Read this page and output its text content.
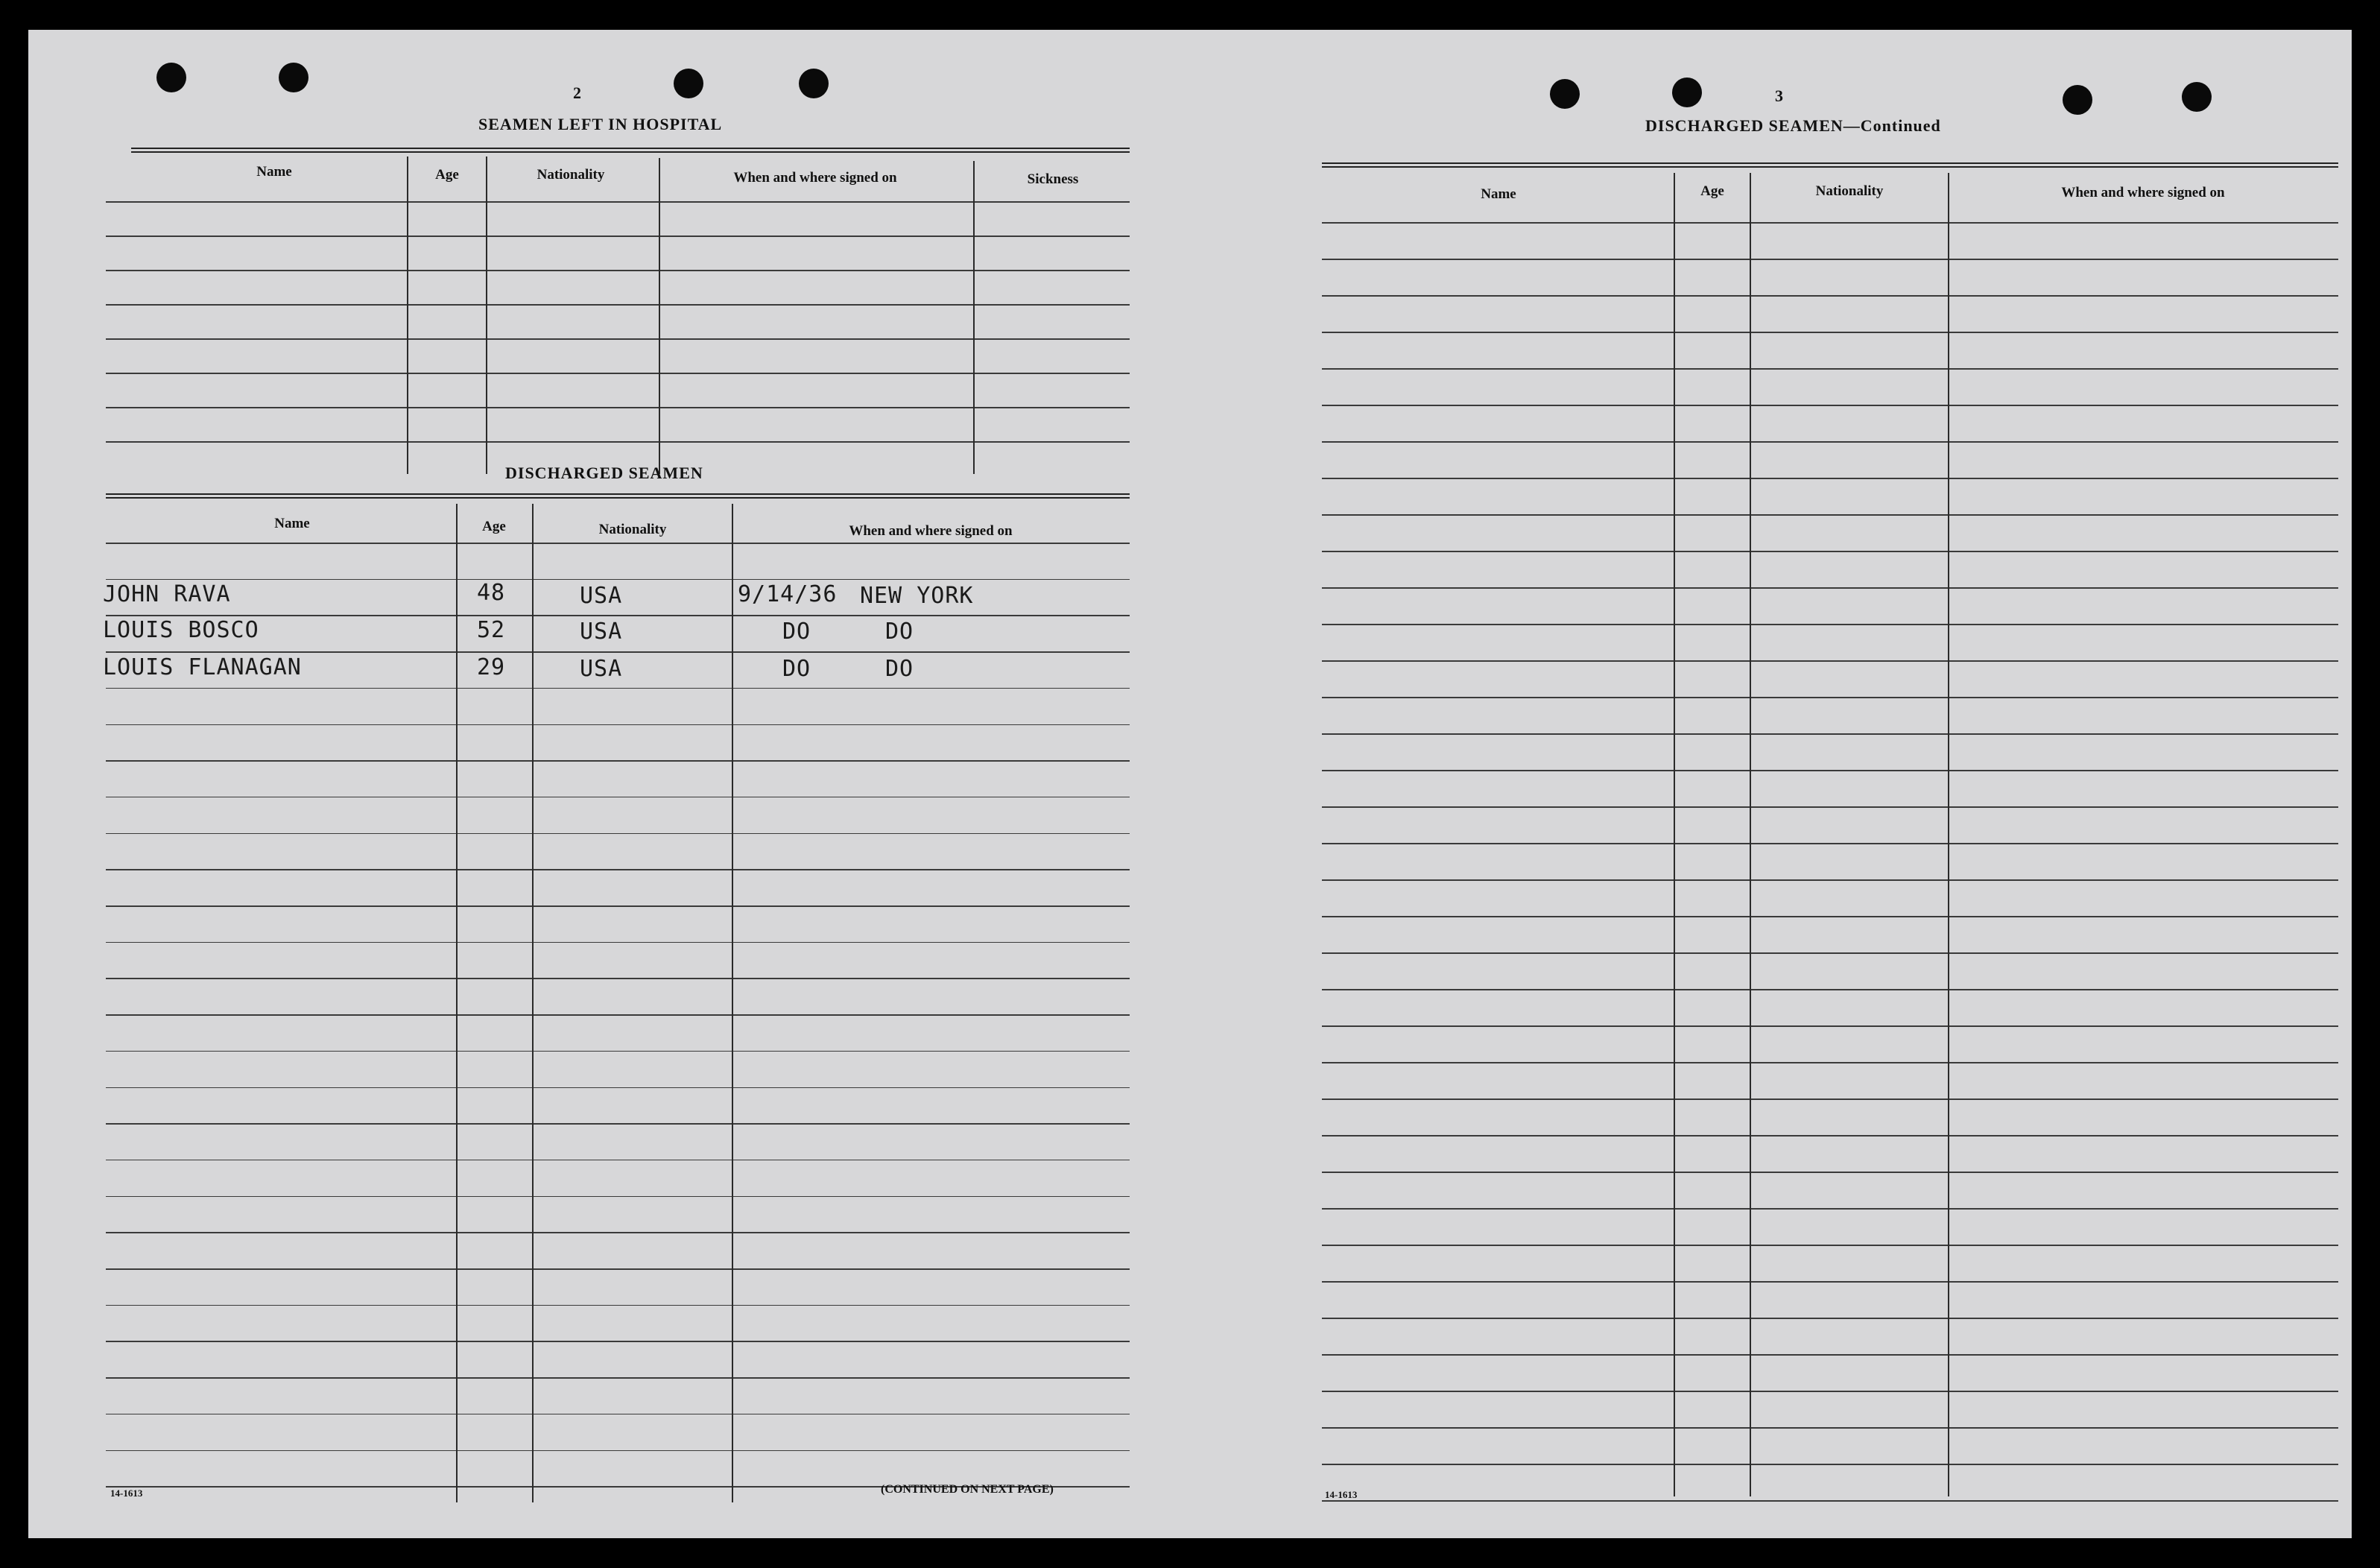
2
SEAMEN LEFT IN HOSPITAL
Name	Age	Nationality	When and where signed on	Sickness
DISCHARGED SEAMEN
Name	Age	Nationality	When and where signed on
JOHN RAVA	48	USA	9/14/36 NEW YORK
LOUIS BOSCO	52	USA	DO	DO
LOUIS FLANAGAN	29	USA	DO	DO
14-1613	(CONTINUED ON NEXT PAGE)
3
DISCHARGED SEAMEN—Continued
Name	Age	Nationality	When and where signed on
14-1613
